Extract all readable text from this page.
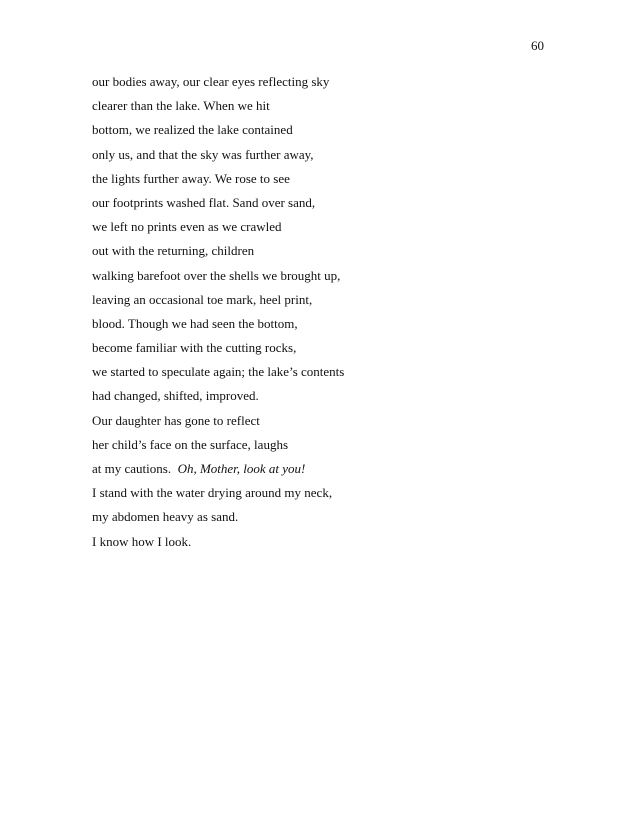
60
our bodies away, our clear eyes reflecting sky
clearer than the lake. When we hit
bottom, we realized the lake contained
only us, and that the sky was further away,
the lights further away. We rose to see
our footprints washed flat. Sand over sand,
we left no prints even as we crawled
out with the returning, children
walking barefoot over the shells we brought up,
leaving an occasional toe mark, heel print,
blood. Though we had seen the bottom,
become familiar with the cutting rocks,
we started to speculate again; the lake’s contents
had changed, shifted, improved.
Our daughter has gone to reflect
her child’s face on the surface, laughs
at my cautions.  Oh, Mother, look at you!
I stand with the water drying around my neck,
my abdomen heavy as sand.
I know how I look.
